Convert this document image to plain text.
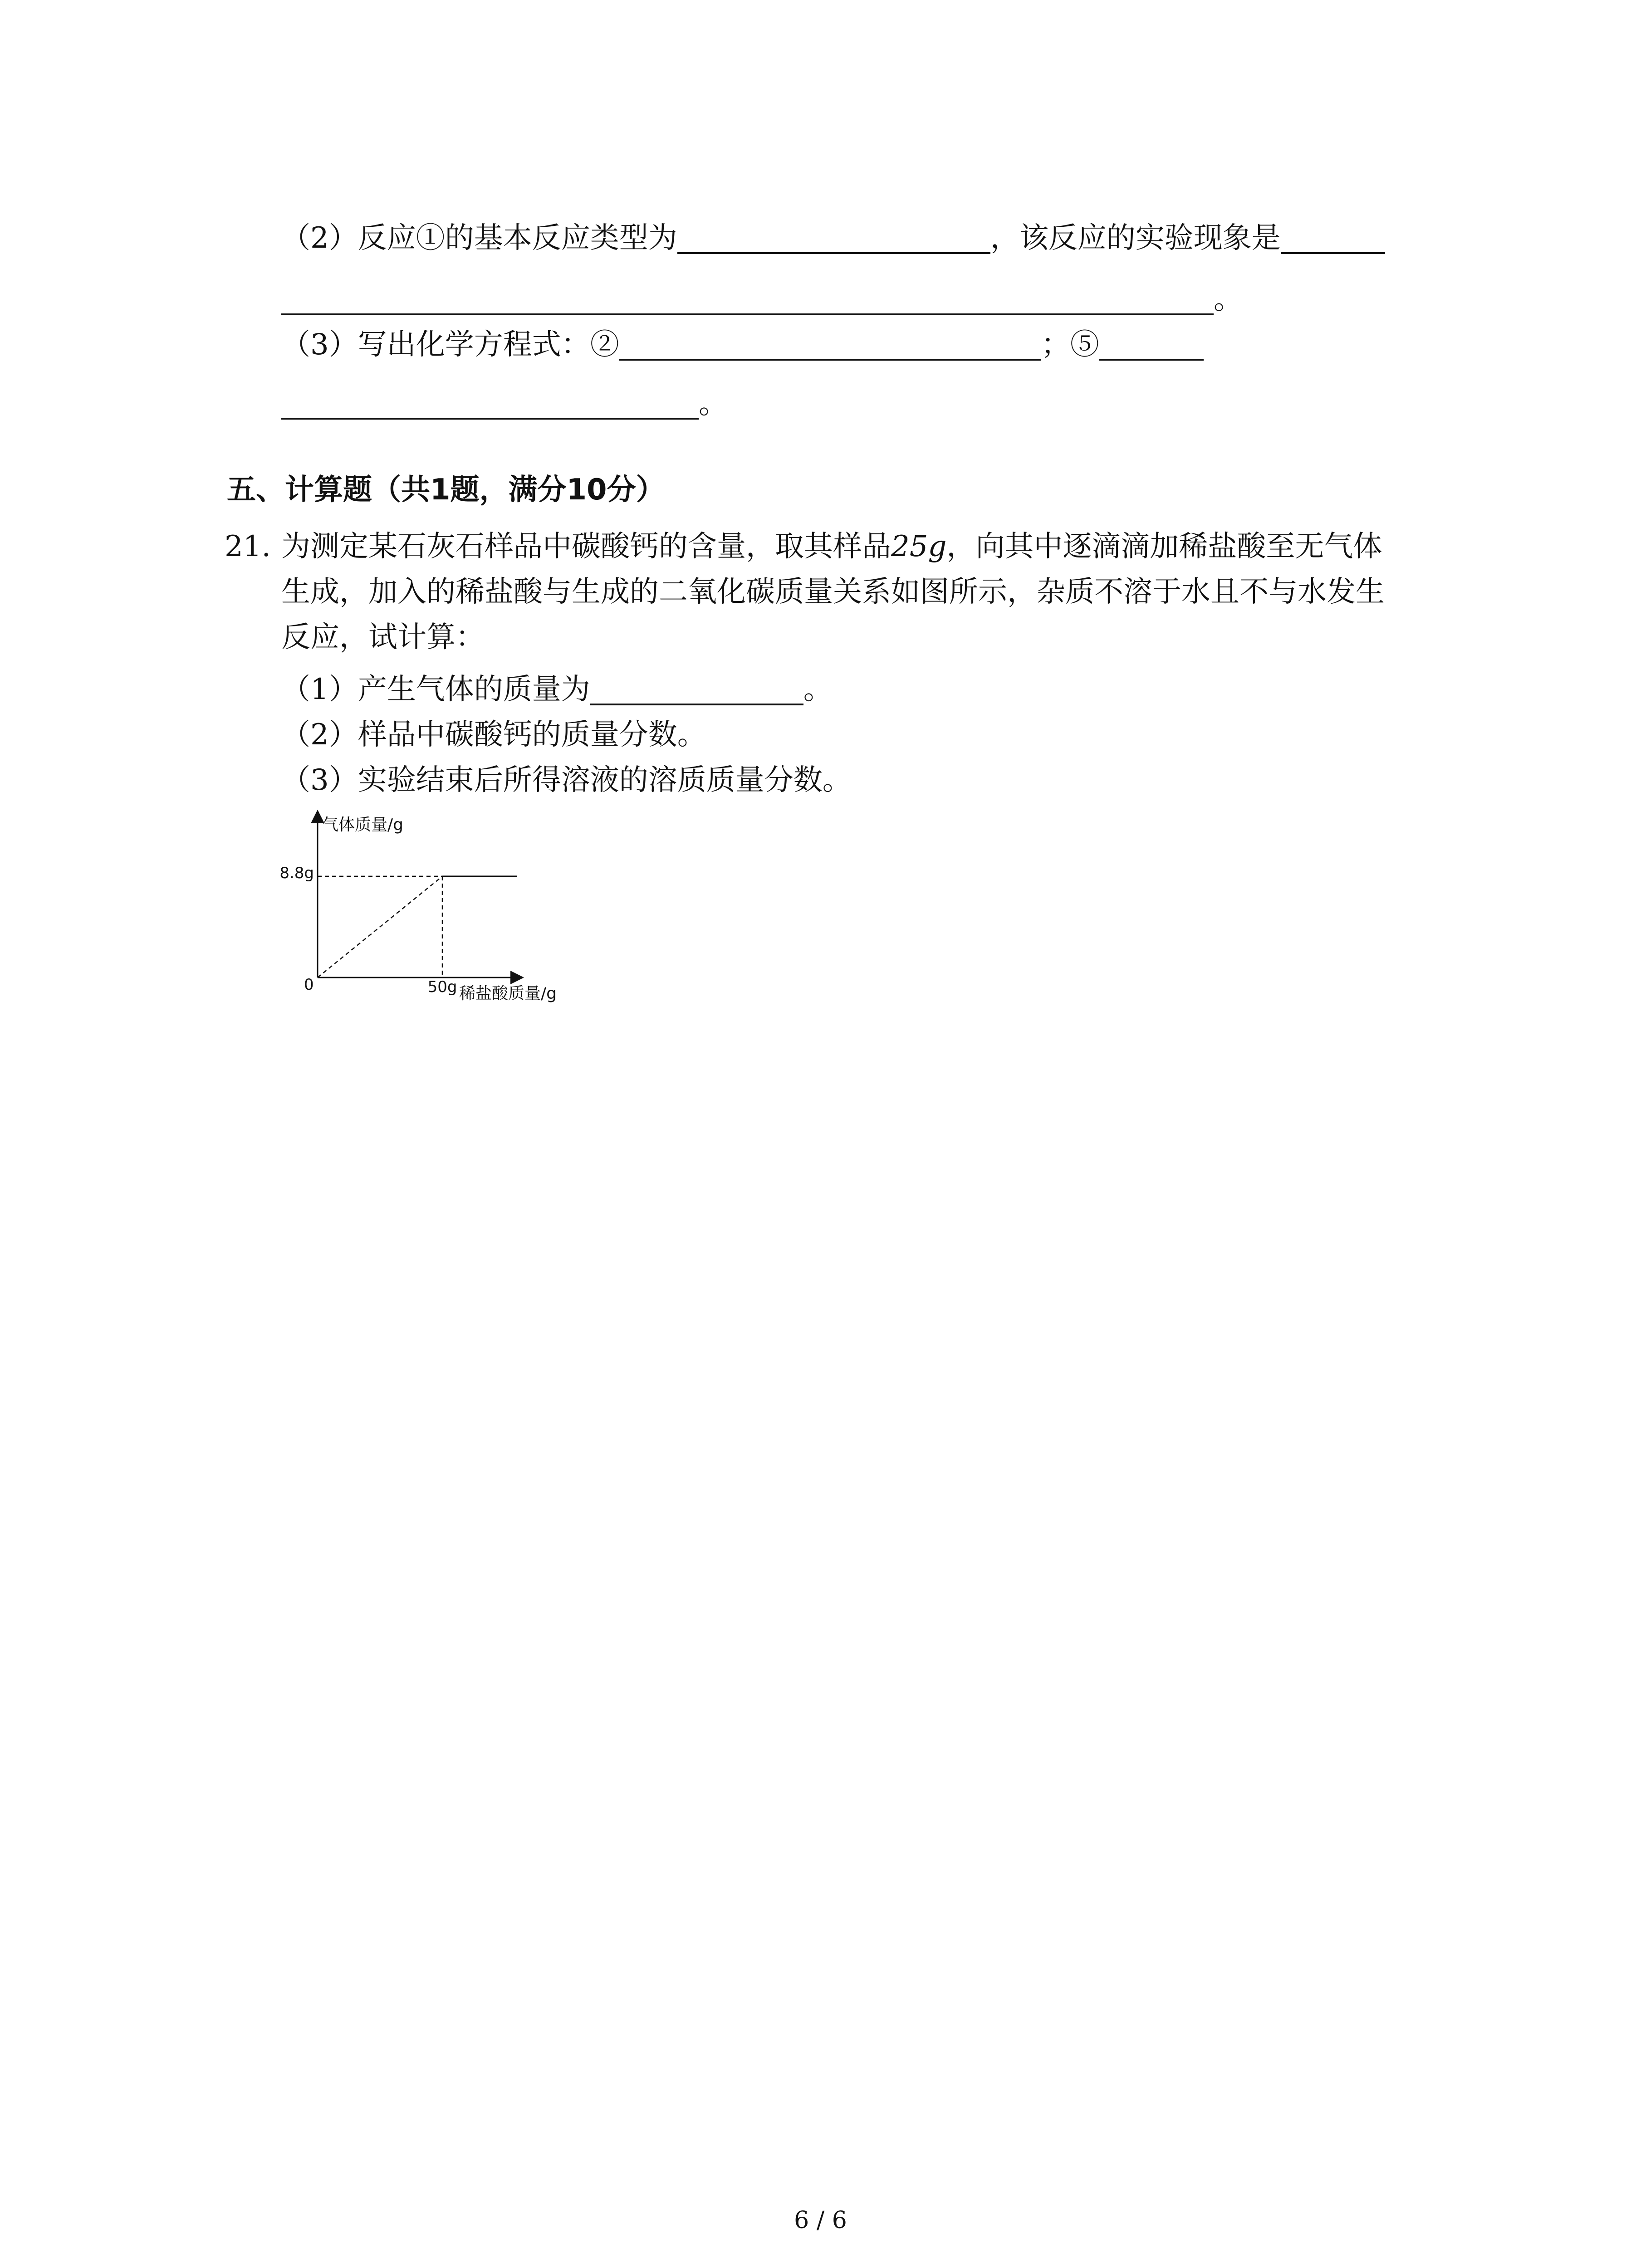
（2）反应①的基本反应类型为	，该反应的实验现象是
。
（3）写出化学方程式：②	；⑤
。
五、计算题（共1题，满分10分）
21. 为测定某石灰石样品中碳酸钙的含量，取其样品25g，向其中逐滴滴加稀盐酸至无气体
生成，加入的稀盐酸与生成的二氧化碳质量关系如图所示，杂质不溶于水且不与水发生
反应，试计算：
（1）产生气体的质量为	。
（2）样品中碳酸钙的质量分数。
（3）实验结束后所得溶液的溶质质量分数。
气体质量/g
稀盐酸质量/g
0
8.8g
50g
6 / 6
